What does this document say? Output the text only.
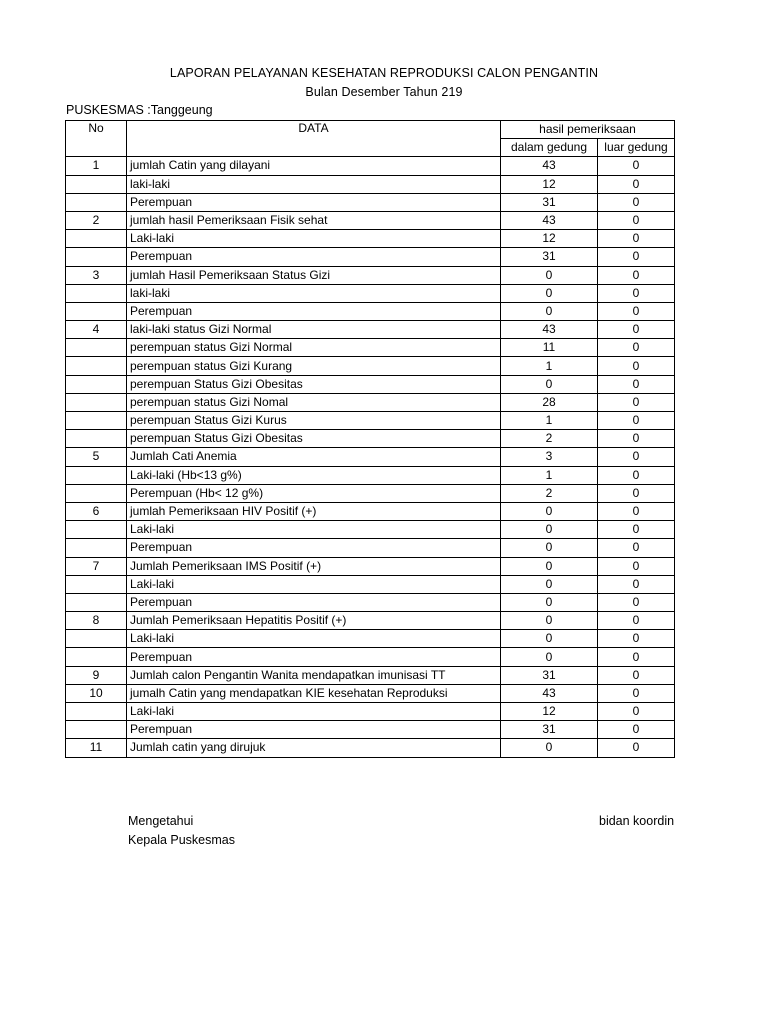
LAPORAN PELAYANAN KESEHATAN REPRODUKSI CALON PENGANTIN
Bulan Desember Tahun 219
PUSKESMAS :Tanggeung
No	DATA	hasil pemeriksaan	
		dalam gedung	luar gedung
1	jumlah Catin yang dilayani	43	0
	laki-laki	12	0
	Perempuan	31	0
2	jumlah hasil Pemeriksaan Fisik sehat	43	0
	Laki-laki	12	0
	Perempuan	31	0
3	jumlah Hasil Pemeriksaan Status Gizi	0	0
	laki-laki	0	0
	Perempuan	0	0
4	laki-laki status Gizi Normal	43	0
	perempuan status Gizi Normal	11	0
	perempuan status Gizi Kurang	1	0
	perempuan Status Gizi Obesitas	0	0
	perempuan status Gizi Nomal	28	0
	perempuan Status Gizi Kurus	1	0
	perempuan Status Gizi Obesitas	2	0
5	Jumlah Cati Anemia	3	0
	Laki-laki (Hb<13 g%)	1	0
	Perempuan (Hb< 12 g%)	2	0
6	jumlah Pemeriksaan HIV Positif (+)	0	0
	Laki-laki	0	0
	Perempuan	0	0
7	Jumlah Pemeriksaan IMS Positif (+)	0	0
	Laki-laki	0	0
	Perempuan	0	0
8	Jumlah Pemeriksaan Hepatitis Positif (+)	0	0
	Laki-laki	0	0
	Perempuan	0	0
9	Jumlah calon Pengantin Wanita mendapatkan imunisasi TT	31	0
10	jumalh Catin yang mendapatkan KIE kesehatan Reproduksi	43	0
	Laki-laki	12	0
	Perempuan	31	0
11	Jumlah catin yang dirujuk	0	0
Mengetahui
Kepala Puskesmas
bidan koordin
